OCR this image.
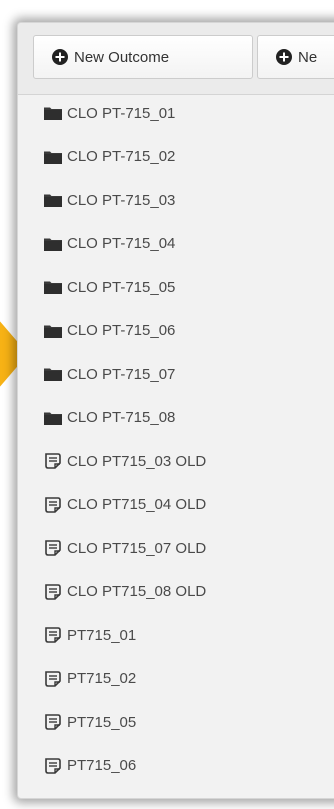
New Outcome	Ne
CLO PT-715_01
CLO PT-715_02
CLO PT-715_03
CLO PT-715_04
CLO PT-715_05
CLO PT-715_06
CLO PT-715_07
CLO PT-715_08
CLO PT715_03 OLD
CLO PT715_04 OLD
CLO PT715_07 OLD
CLO PT715_08 OLD
PT715_01
PT715_02
PT715_05
PT715_06
